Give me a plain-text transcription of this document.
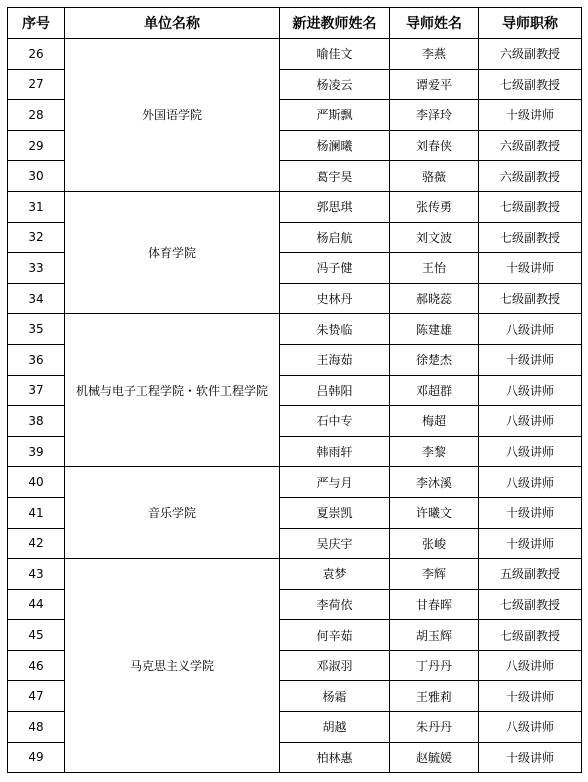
序号	单位名称	新进教师姓名	导师姓名	导师职称
26	外国语学院	喻佳文	李燕	六级副教授
27		杨凌云	谭爱平	七级副教授
28		严斯飘	李泽玲	十级讲师
29		杨澜曦	刘春侠	六级副教授
30		葛宇昊	骆薇	六级副教授
31	体育学院	郭思琪	张传勇	七级副教授
32		杨启航	刘文波	七级副教授
33		冯子健	王怡	十级讲师
34		史林丹	郝晓蕊	七级副教授
35	机械与电子工程学院・软件工程学院	朱贽临	陈建雄	八级讲师
36		王海茹	徐楚杰	十级讲师
37		吕韩阳	邓超群	八级讲师
38		石中专	梅超	八级讲师
39		韩雨轩	李黎	八级讲师
40	音乐学院	严与月	李沐溪	八级讲师
41		夏崇凯	许曦文	十级讲师
42		吴庆宇	张峻	十级讲师
43	马克思主义学院	袁梦	李辉	五级副教授
44		李荷依	甘春晖	七级副教授
45		何辛茹	胡玉辉	七级副教授
46		邓淑羽	丁丹丹	八级讲师
47		杨霜	王雅莉	十级讲师
48		胡越	朱丹丹	八级讲师
49		柏林惠	赵毓媛	十级讲师
